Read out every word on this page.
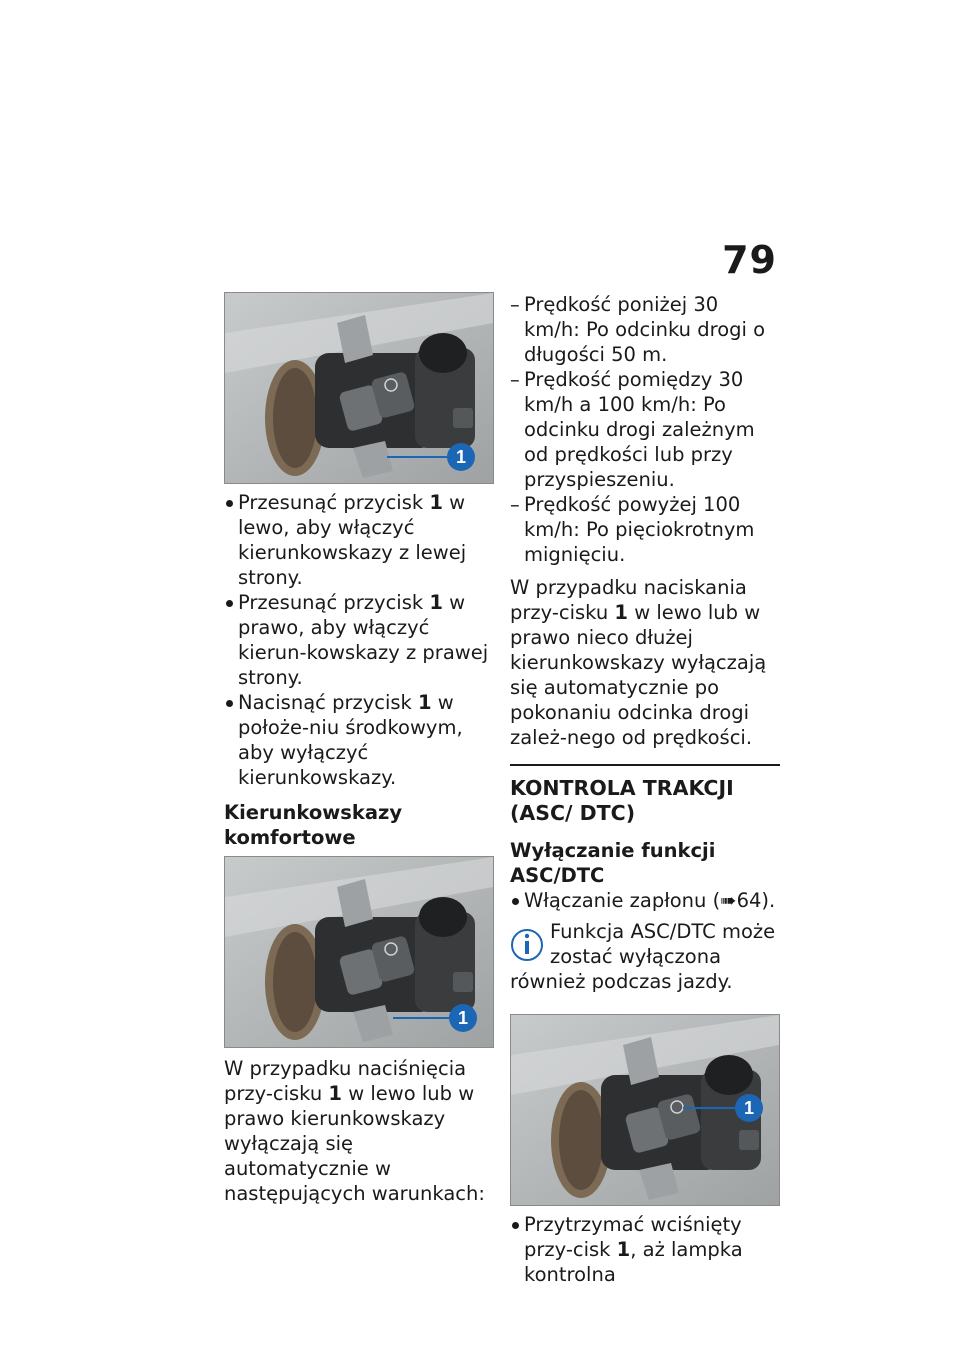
79
1
Przesunąć przycisk 1 w lewo, aby włączyć kierunkowskazy z lewej strony.
Przesunąć przycisk 1 w prawo, aby włączyć kierun-kowskazy z prawej strony.
Nacisnąć przycisk 1 w położe-niu środkowym, aby wyłączyć kierunkowskazy.
Kierunkowskazy komfortowe
1

W przypadku naciśnięcia przy-cisku 1 w lewo lub w prawo kierunkowskazy wyłączają się automatycznie w następujących warunkach:

– Prędkość poniżej 30 km/h: Po odcinku drogi o długości 50 m.
– Prędkość pomiędzy 30 km/h a 100 km/h: Po odcinku drogi zależnym od prędkości lub przy przyspieszeniu.
– Prędkość powyżej 100 km/h: Po pięciokrotnym mignięciu.

W przypadku naciskania przy-cisku 1 w lewo lub w prawo nieco dłużej kierunkowskazy wyłączają się automatycznie po pokonaniu odcinka drogi zależ-nego od prędkości.

KONTROLA TRAKCJI (ASC/ DTC)
Wyłączanie funkcji ASC/DTC
Włączanie zapłonu (➠64).
Funkcja ASC/DTC może zostać wyłączona również podczas jazdy.
1
Przytrzymać wciśnięty przy-cisk 1, aż lampka kontrolna
